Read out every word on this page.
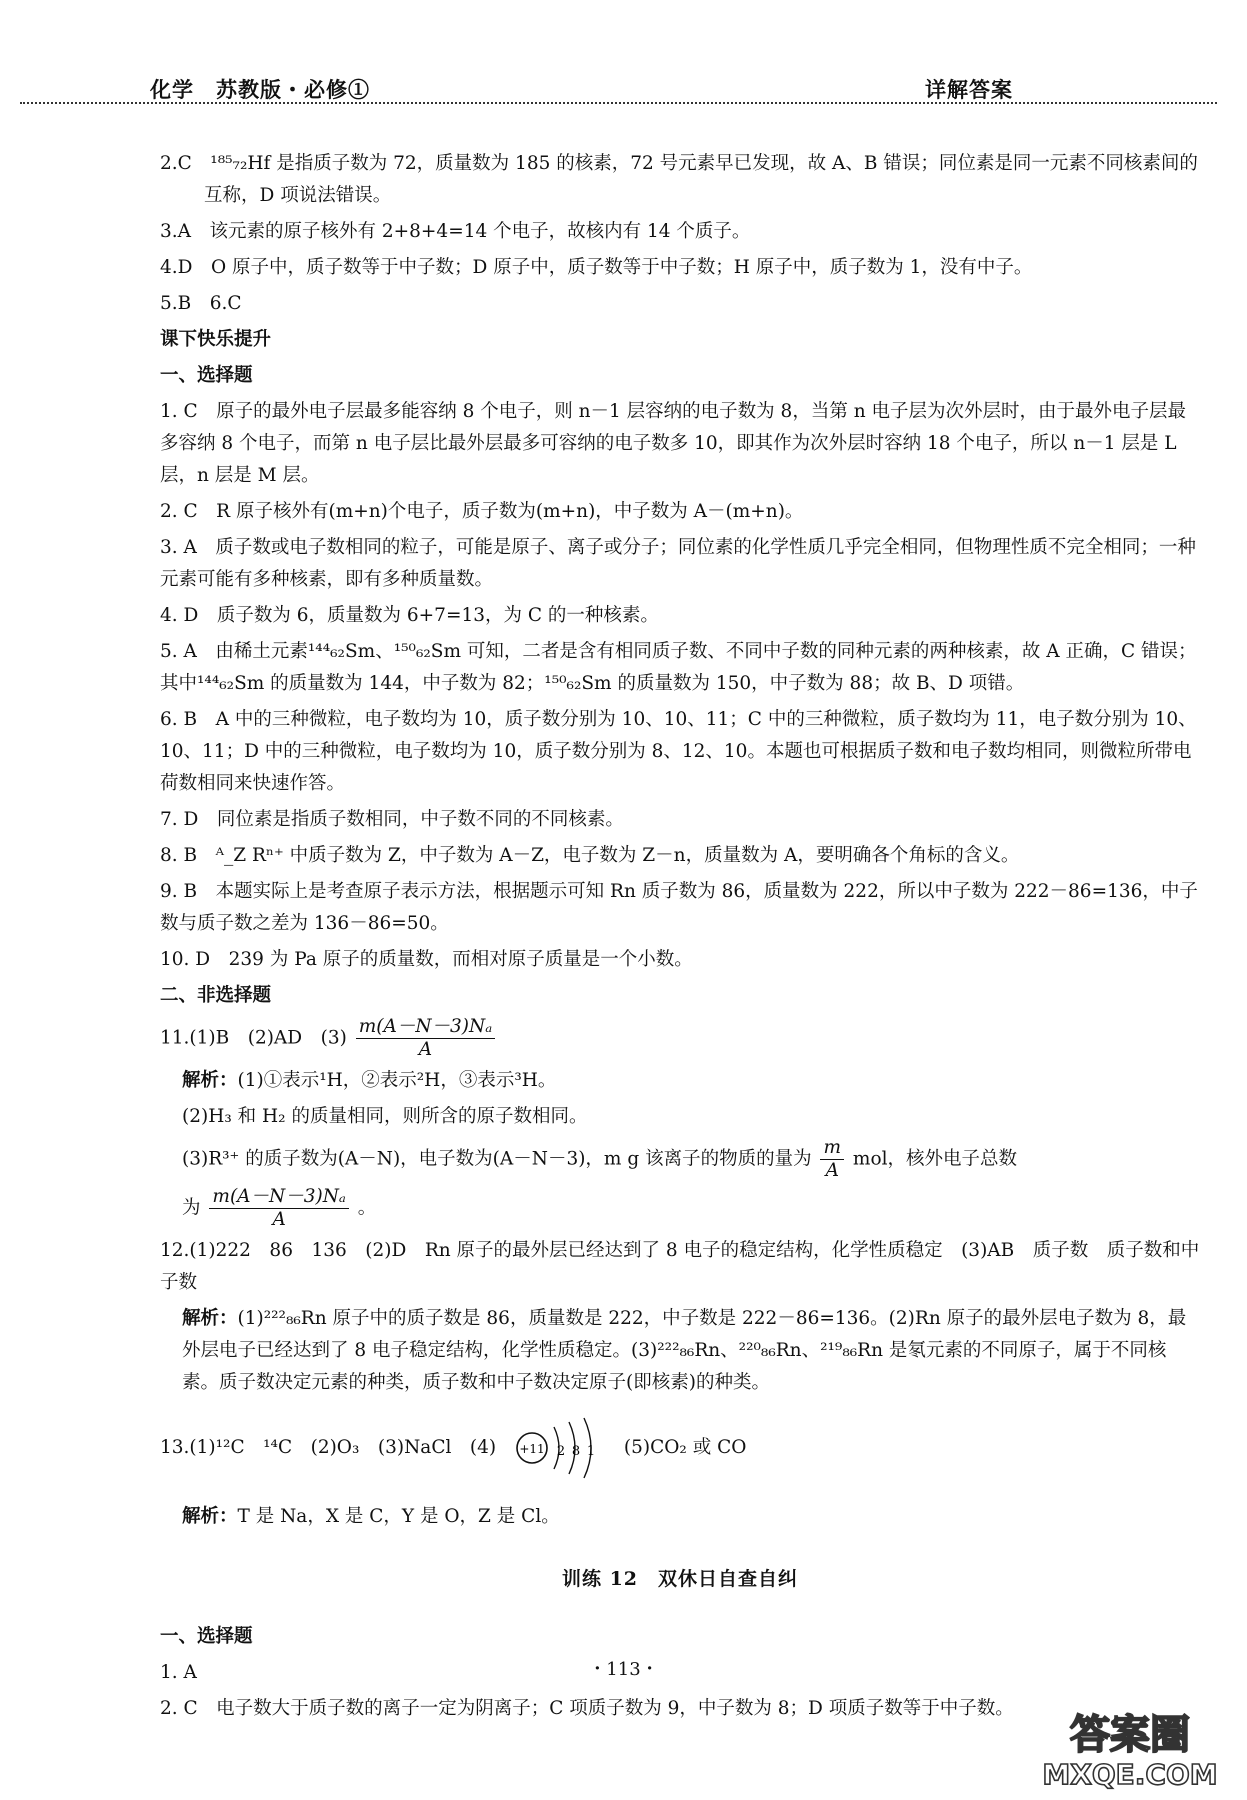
化学　苏教版・必修①	详解答案

2.C　¹⁸⁵₇₂Hf 是指质子数为 72，质量数为 185 的核素，72 号元素早已发现，故 A、B 错误；同位素是同一元素不同核素间的互称，D 项说法错误。

3.A　该元素的原子核外有 2+8+4=14 个电子，故核内有 14 个质子。

4.D　O 原子中，质子数等于中子数；D 原子中，质子数等于中子数；H 原子中，质子数为 1，没有中子。

5.B　6.C

课下快乐提升

一、选择题

1. C　原子的最外电子层最多能容纳 8 个电子，则 n－1 层容纳的电子数为 8，当第 n 电子层为次外层时，由于最外电子层最多容纳 8 个电子，而第 n 电子层比最外层最多可容纳的电子数多 10，即其作为次外层时容纳 18 个电子，所以 n－1 层是 L 层，n 层是 M 层。

2. C　R 原子核外有(m+n)个电子，质子数为(m+n)，中子数为 A－(m+n)。

3. A　质子数或电子数相同的粒子，可能是原子、离子或分子；同位素的化学性质几乎完全相同，但物理性质不完全相同；一种元素可能有多种核素，即有多种质量数。

4. D　质子数为 6，质量数为 6+7=13，为 C 的一种核素。

5. A　由稀土元素¹⁴⁴₆₂Sm、¹⁵⁰₆₂Sm 可知，二者是含有相同质子数、不同中子数的同种元素的两种核素，故 A 正确，C 错误；其中¹⁴⁴₆₂Sm 的质量数为 144，中子数为 82；¹⁵⁰₆₂Sm 的质量数为 150，中子数为 88；故 B、D 项错。

6. B　A 中的三种微粒，电子数均为 10，质子数分别为 10、10、11；C 中的三种微粒，质子数均为 11，电子数分别为 10、10、11；D 中的三种微粒，电子数均为 10，质子数分别为 8、12、10。本题也可根据质子数和电子数均相同，则微粒所带电荷数相同来快速作答。

7. D　同位素是指质子数相同，中子数不同的不同核素。

8. B　ᴬ_Z Rⁿ⁺ 中质子数为 Z，中子数为 A－Z，电子数为 Z－n，质量数为 A，要明确各个角标的含义。

9. B　本题实际上是考查原子表示方法，根据题示可知 Rn 质子数为 86，质量数为 222，所以中子数为 222－86=136，中子数与质子数之差为 136－86=50。

10. D　239 为 Pa 原子的质量数，而相对原子质量是一个小数。

二、非选择题

11.(1)B　(2)AD　$(3) \frac{\text{m(A－N－3)Nₐ}}{A}$

解析：(1)①表示¹H，②表示²H，③表示³H。

(2)H₃ 和 H₂ 的质量相同，则所含的原子数相同。

(3)R³⁺ 的质子数为(A－N)，电子数为(A－N－3)，m g 该离子的物质的量为 $\frac{m}{A}$ mol，核外电子总数

为 $\frac{\text{m(A－N－3)Nₐ}}{A}$ 。

12.(1)222　86　136　(2)D　Rn 原子的最外层已经达到了 8 电子的稳定结构，化学性质稳定　(3)AB　质子数　质子数和中子数

解析：(1)²²²₈₆Rn 原子中的质子数是 86，质量数是 222，中子数是 222－86=136。(2)Rn 原子的最外层电子数为 8，最外层电子已经达到了 8 电子稳定结构，化学性质稳定。(3)²²²₈₆Rn、²²⁰₈₆Rn、²¹⁹₈₆Rn 是氡元素的不同原子，属于不同核素。质子数决定元素的种类，质子数和中子数决定原子(即核素)的种类。

13.(1)¹²C　¹⁴C　(2)O₃　(3)NaCl　(4) +11 2 8 1 (5)CO₂ 或 CO

解析：T 是 Na，X 是 C，Y 是 O，Z 是 Cl。

训练 12　双休日自查自纠

一、选择题

1. A

2. C　电子数大于质子数的离子一定为阴离子；C 项质子数为 9，中子数为 8；D 项质子数等于中子数。

・113・
答案圈
MXQE.COM
